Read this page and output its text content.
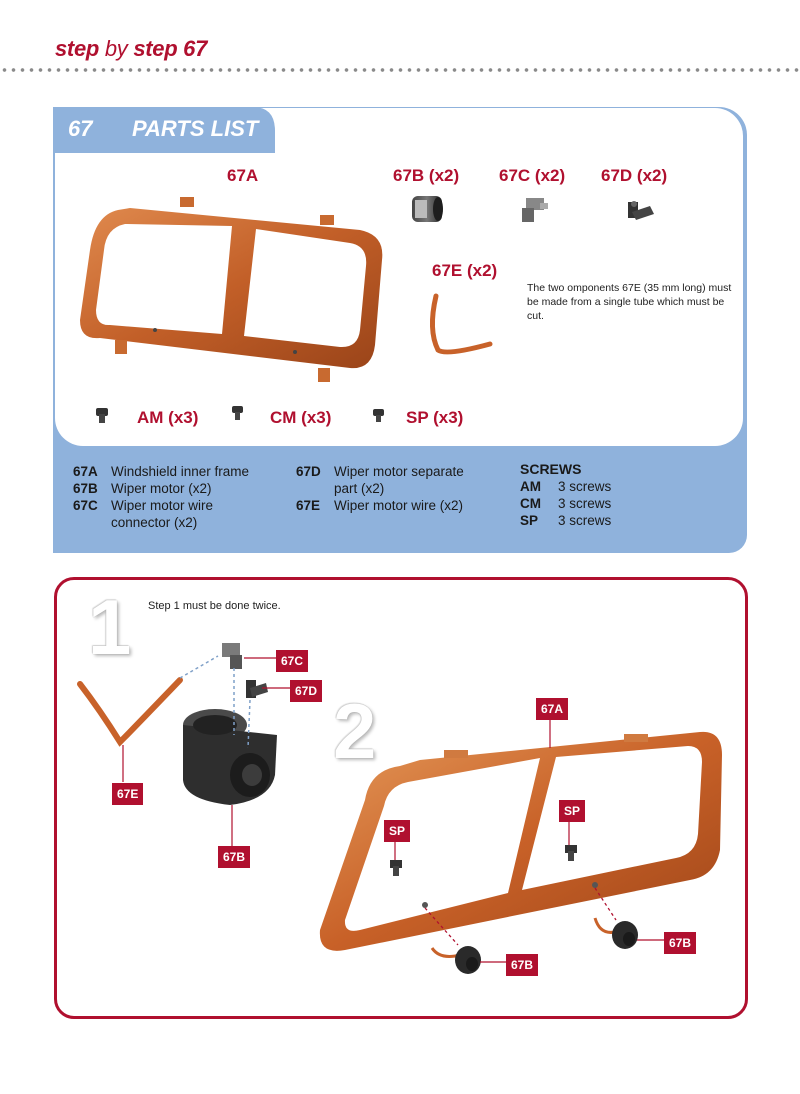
step by step 67
67 PARTS LIST
67A	67B (x2) 67C (x2) 67D (x2)
67E (x2)
AM (x3)	CM (x3)	SP (x3)
The two omponents 67E (35 mm long) must be made from a single tube which must be cut.
67A Windshield inner frame
67B Wiper motor (x2)
67C Wiper motor wire connector (x2)
67D Wiper motor separate part (x2)
67E	Wiper motor wire (x2)
SCREWS
AM	3 screws
CM	3 screws
SP	3 screws
1 Step 1 must be done twice.
2
67C
67D
67E
67B
67A
SP
SP
67B
67B
